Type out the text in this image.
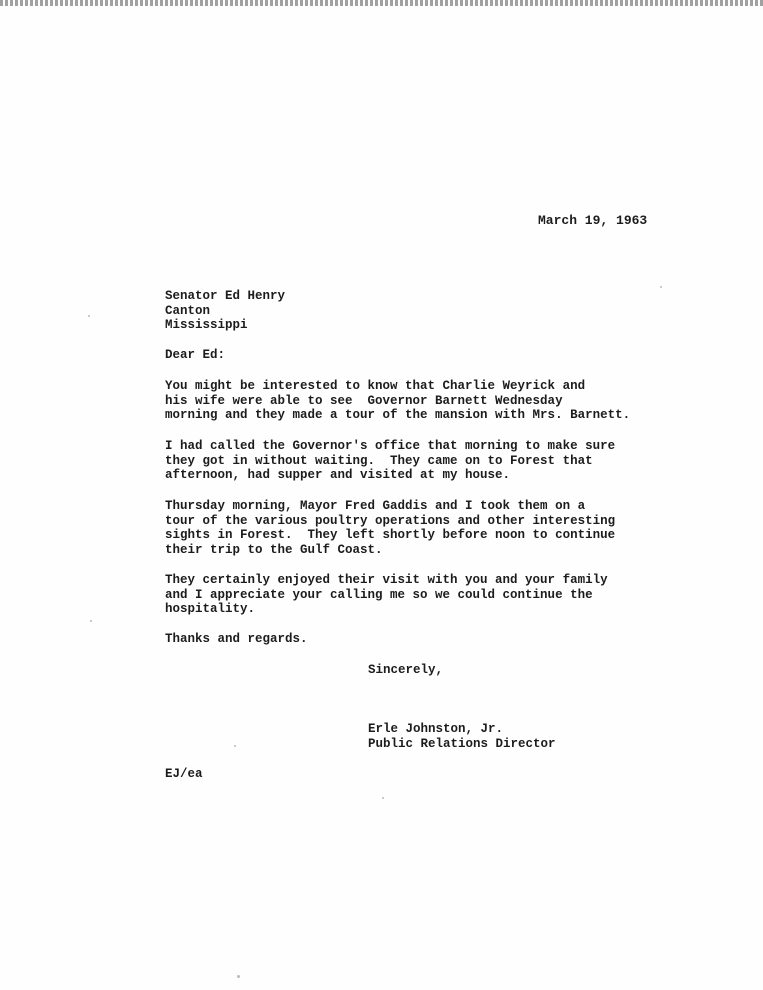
March 19, 1963
Senator Ed Henry
Canton
Mississippi
Dear Ed:
You might be interested to know that Charlie Weyrick and
his wife were able to see  Governor Barnett Wednesday
morning and they made a tour of the mansion with Mrs. Barnett.
I had called the Governor's office that morning to make sure
they got in without waiting.  They came on to Forest that
afternoon, had supper and visited at my house.
Thursday morning, Mayor Fred Gaddis and I took them on a
tour of the various poultry operations and other interesting
sights in Forest.  They left shortly before noon to continue
their trip to the Gulf Coast.
They certainly enjoyed their visit with you and your family
and I appreciate your calling me so we could continue the
hospitality.
Thanks and regards.
Sincerely,
Erle Johnston, Jr.
Public Relations Director
EJ/ea
